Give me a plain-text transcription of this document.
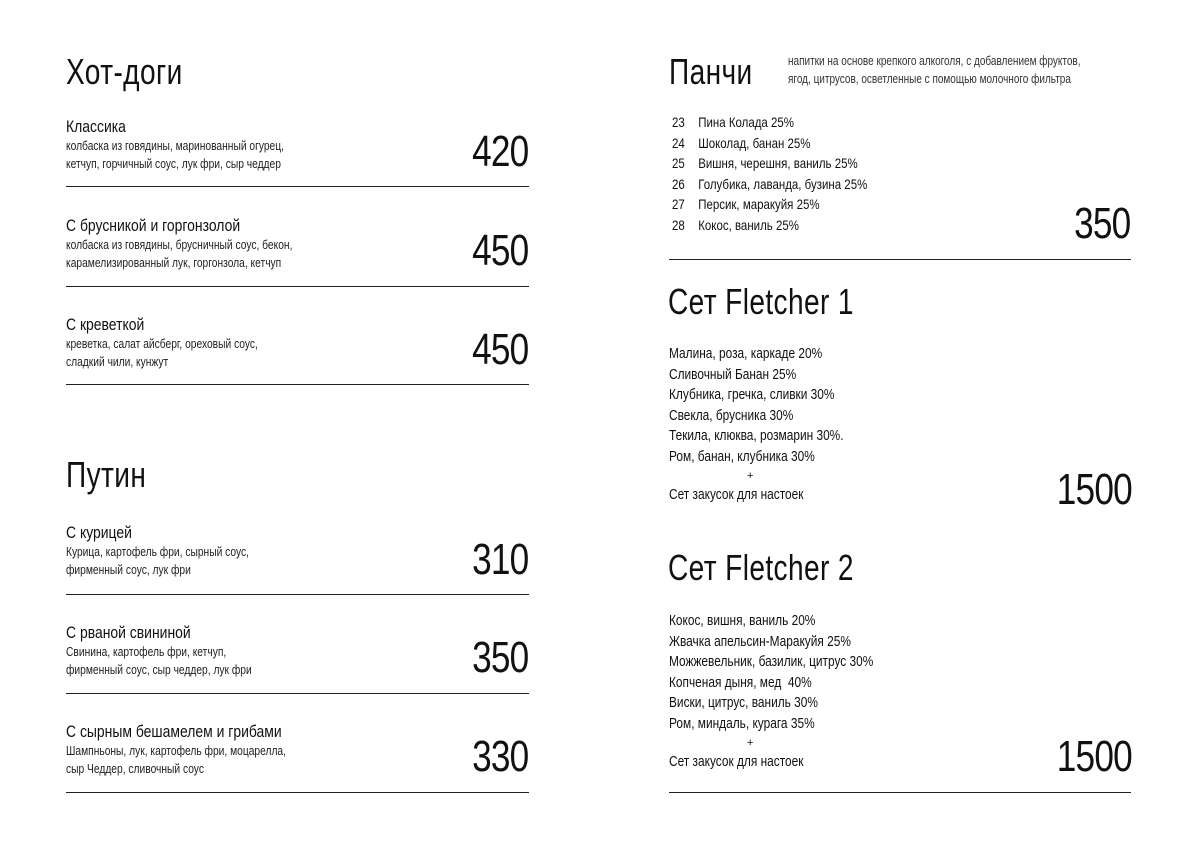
Хот-доги
Классика
колбаска из говядины, маринованный огурец,
кетчуп, горчичный соус, лук фри, сыр чеддер	420
С брусникой и горгонзолой
колбаска из говядины, брусничный соус, бекон,
карамелизированный лук, горгонзола, кетчуп	450
С креветкой
креветка, салат айсберг, ореховый соус,
сладкий чили, кунжут	450
Путин
С курицей
Курица, картофель фри, сырный соус,
фирменный соус, лук фри	310
С рваной свининой
Свинина, картофель фри, кетчуп,
фирменный соус, сыр чеддер, лук фри	350
С сырным бешамелем и грибами
Шампньоны, лук, картофель фри, моцарелла,
сыр Чеддер, сливочный соус	330
Панчи	напитки на основе крепкого алкоголя, с добавлением фруктов,
ягод, цитрусов, осветленные с помощью молочного фильтра
23 Пина Колада 25%
24 Шоколад, банан 25%
25 Вишня, черешня, ваниль 25%
26 Голубика, лаванда, бузина 25%
27 Персик, маракуйя 25%
28 Кокос, ваниль 25%	350
Сет Fletcher 1
Малина, роза, каркаде 20%
Сливочный Банан 25%
Клубника, гречка, сливки 30%
Свекла, брусника 30%
Текила, клюква, розмарин 30%.
Ром, банан, клубника 30%
+
Сет закусок для настоек	1500
Сет Fletcher 2
Кокос, вишня, ваниль 20%
Жвачка апельсин-Маракуйя 25%
Можжевельник, базилик, цитрус 30%
Копченая дыня, мед  40%
Виски, цитрус, ваниль 30%
Ром, миндаль, курага 35%
+
Сет закусок для настоек	1500
